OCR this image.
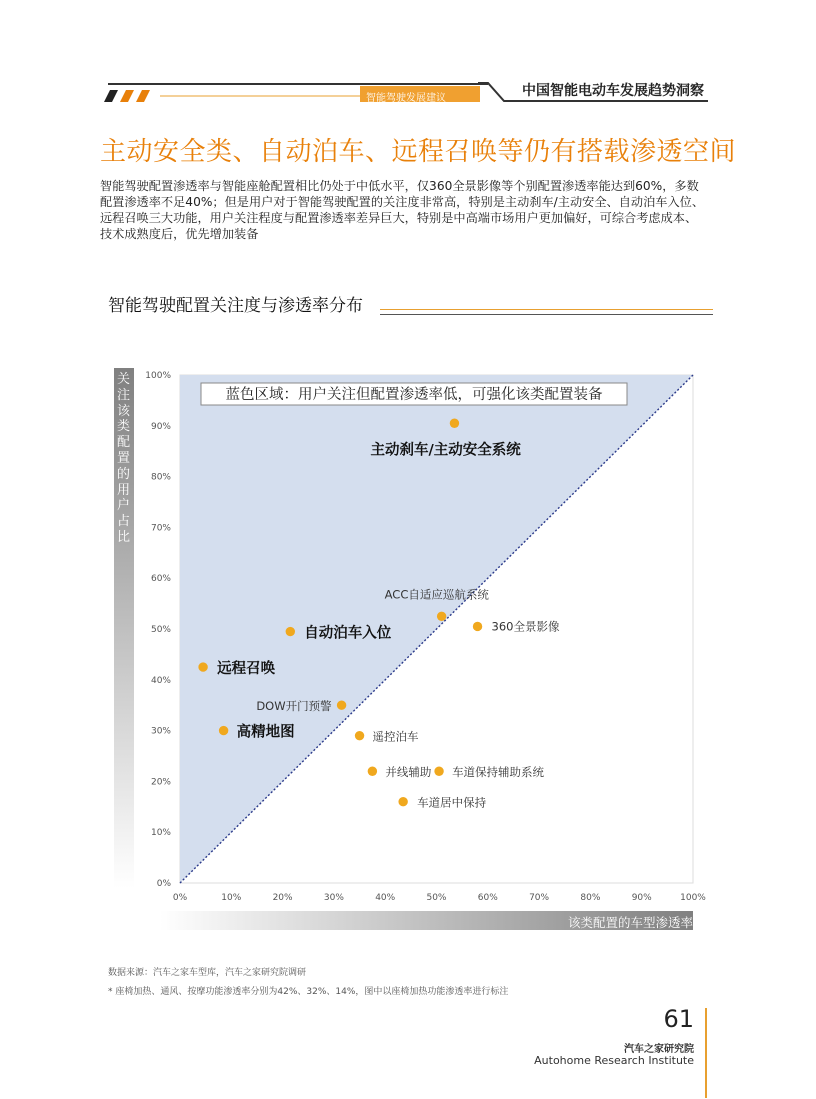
智能驾驶发展建议	中国智能电动车发展趋势洞察
主动安全类、自动泊车、远程召唤等仍有搭载渗透空间
智能驾驶配置渗透率与智能座舱配置相比仍处于中低水平，仅360全景影像等个别配置渗透率能达到60%，多数配置渗透率不足40%；但是用户对于智能驾驶配置的关注度非常高，特别是主动刹车/主动安全、自动泊车入位、远程召唤三大功能，用户关注程度与配置渗透率差异巨大，特别是中高端市场用户更加偏好，可综合考虑成本、技术成熟度后，优先增加装备
智能驾驶配置关注度与渗透率分布
关注该类配置的用户占比
该类配置的车型渗透率
0%
10%
20%
30%
40%
50%
60%
70%
80%
90%
100%
0%	10%	20%	30%	40%	50%	60%	70%	80%	90%	100%
蓝色区域：用户关注但配置渗透率低，可强化该类配置装备
主动刹车/主动安全系统
ACC自适应巡航系统
360全景影像
自动泊车入位
远程召唤
DOW开门预警
高精地图	遥控泊车
并线辅助 车道保持辅助系统
车道居中保持
数据来源：汽车之家车型库，汽车之家研究院调研
* 座椅加热、通风、按摩功能渗透率分别为42%、32%、14%，图中以座椅加热功能渗透率进行标注
61
汽车之家研究院
Autohome Research Institute
